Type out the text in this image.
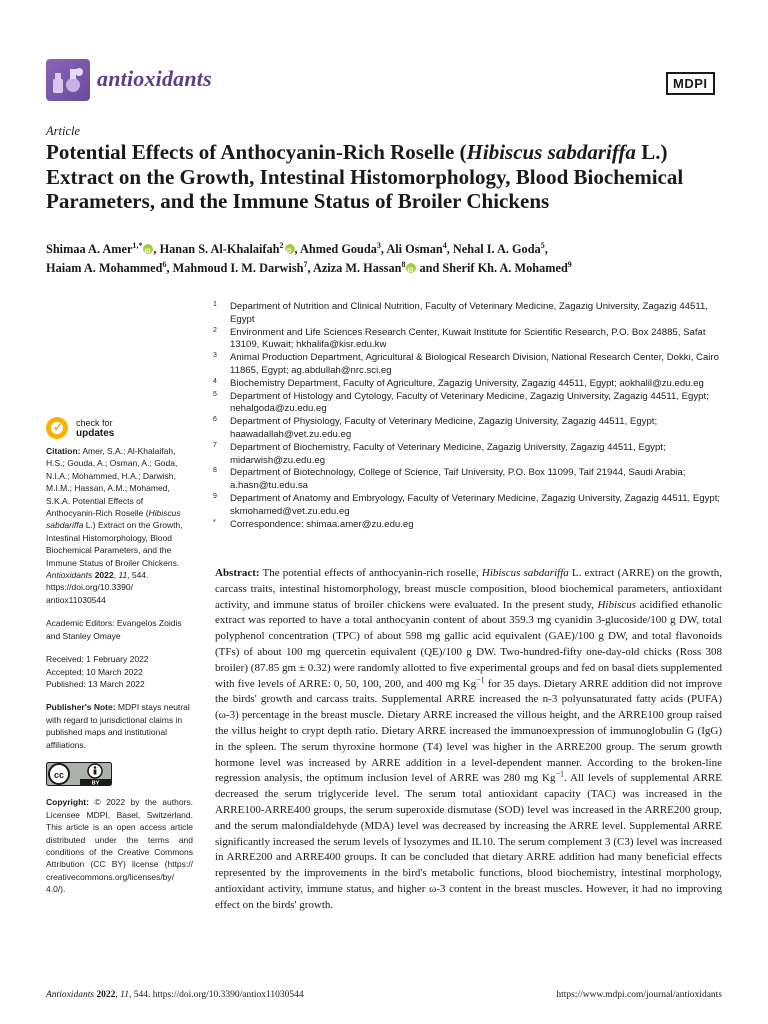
antioxidants	MDPI
Article
Potential Effects of Anthocyanin-Rich Roselle (Hibiscus sabdariffa L.) Extract on the Growth, Intestinal Histomorphology, Blood Biochemical Parameters, and the Immune Status of Broiler Chickens
Shimaa A. Amer$^{1,*}$ iD , Hanan S. Al-Khalaifah$^2$ iD , Ahmed Gouda$^3$, Ali Osman$^4$, Nehal I. A. Goda$^5$,
Haiam A. Mohammed$^6$, Mahmoud I. M. Darwish$^7$, Aziza M. Hassan$^8$iD and Sherif Kh. A. Mohamed$^9$
1 Department of Nutrition and Clinical Nutrition, Faculty of Veterinary Medicine, Zagazig University, Zagazig 44511, Egypt
2 Environment and Life Sciences Research Center, Kuwait Institute for Scientific Research, P.O. Box 24885, Safat 13109, Kuwait; hkhalifa@kisr.edu.kw
3 Animal Production Department, Agricultural & Biological Research Division, National Research Center, Dokki, Cairo 11865, Egypt; ag.abdullah@nrc.sci.eg
4 Biochemistry Department, Faculty of Agriculture, Zagazig University, Zagazig 44511, Egypt; aokhalil@zu.edu.eg
5 Department of Histology and Cytology, Faculty of Veterinary Medicine, Zagazig University, Zagazig 44511, Egypt; nehalgoda@zu.edu.eg
6 Department of Physiology, Faculty of Veterinary Medicine, Zagazig University, Zagazig 44511, Egypt; haawadallah@vet.zu.edu.eg
7 Department of Biochemistry, Faculty of Veterinary Medicine, Zagazig University, Zagazig 44511, Egypt; midarwish@zu.edu.eg
8 Department of Biotechnology, College of Science, Taif University, P.O. Box 11099, Taif 21944, Saudi Arabia; a.hasn@tu.edu.sa
9 Department of Anatomy and Embryology, Faculty of Veterinary Medicine, Zagazig University, Zagazig 44511, Egypt; skmohamed@vet.zu.edu.eg
* Correspondence: shimaa.amer@zu.edu.eg
✓ check for
updates

Citation: Amer, S.A.; Al-Khalaifah, H.S.; Gouda, A.; Osman, A.; Goda, N.I.A.; Mohammed, H.A.; Darwish, M.I.M.; Hassan, A.M.; Mohamed, S.K.A. Potential Effects of Anthocyanin-Rich Roselle (Hibiscus sabdariffa L.) Extract on the Growth, Intestinal Histomorphology, Blood Biochemical Parameters, and the Immune Status of Broiler Chickens. Antioxidants 2022, 11, 544. https://doi.org/10.3390/ antiox11030544

Academic Editors: Evangelos Zoidis and Stanley Omaye

Received: 1 February 2022
Accepted: 10 March 2022
Published: 13 March 2022

Publisher's Note: MDPI stays neutral with regard to jurisdictional claims in published maps and institutional affiliations.

cc
BY

Copyright: © 2022 by the authors. Licensee MDPI, Basel, Switzerland. This article is an open access article distributed under the terms and conditions of the Creative Commons Attribution (CC BY) license (https:// creativecommons.org/licenses/by/ 4.0/).

Abstract: The potential effects of anthocyanin-rich roselle, Hibiscus sabdariffa L. extract (ARRE) on the growth, carcass traits, intestinal histomorphology, breast muscle composition, blood biochemical parameters, antioxidant activity, and immune status of broiler chickens were evaluated. In the present study, Hibiscus acidified ethanolic extract was reported to have a total anthocyanin content of about 359.3 mg cyanidin 3-glucoside/100 g DW, total polyphenol concentration (TPC) of about 598 mg gallic acid equivalent (GAE)/100 g DW, and total flavonoids (TFs) of about 100 mg quercetin equivalent (QE)/100 g DW. Two-hundred-fifty one-day-old chicks (Ross 308 broiler) (87.85 gm ± 0.32) were randomly allotted to five experimental groups and fed on basal diets supplemented with five levels of ARRE: 0, 50, 100, 200, and 400 mg $Kg^{-1}$ for 35 days. Dietary ARRE addition did not improve the birds' growth and carcass traits. Supplemental ARRE increased the n-3 polyunsaturated fatty acids (PUFA) (ω-3) percentage in the breast muscle. Dietary ARRE increased the villous height, and the ARRE100 group raised the villus height to crypt depth ratio. Dietary ARRE increased the immunoexpression of immunoglobulin G (IgG) in the spleen. The serum thyroxine hormone (T4) level was higher in the ARRE200 group. The serum growth hormone level was increased by ARRE addition in a level-dependent manner. According to the broken-line regression analysis, the optimum inclusion level of ARRE was 280 mg $Kg^{-1}$. All levels of supplemental ARRE decreased the serum triglyceride level. The serum total antioxidant capacity (TAC) was increased in the ARRE100-ARRE400 groups, the serum superoxide dismutase (SOD) level was increased in the ARRE200 group, and the serum malondialdehyde (MDA) level was decreased by increasing the ARRE level. Supplemental ARRE significantly increased the serum levels of lysozymes and IL10. The serum complement 3 (C3) level was increased in ARRE200 and ARRE400 groups. It can be concluded that dietary ARRE addition had many beneficial effects represented by the improvements in the bird's metabolic functions, blood biochemistry, intestinal morphology, antioxidant activity, immune status, and higher ω-3 content in the breast muscles. However, it had no improving effect on the birds' growth.
Antioxidants 2022, 11, 544. https://doi.org/10.3390/antiox11030544	https://www.mdpi.com/journal/antioxidants
